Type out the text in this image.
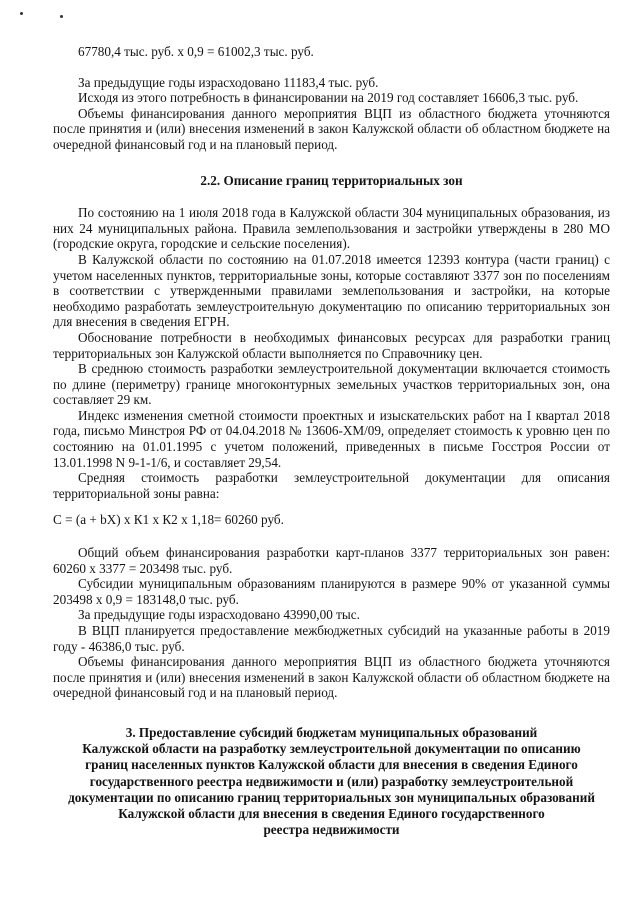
67780,4 тыс. руб. х 0,9 = 61002,3 тыс. руб.

За предыдущие годы израсходовано 11183,4 тыс. руб.

Исходя из этого потребность в финансировании на 2019 год составляет 16606,3 тыс. руб.

Объемы финансирования данного мероприятия ВЦП из областного бюджета уточняются после принятия и (или) внесения изменений в закон Калужской области об областном бюджете на очередной финансовый год и на плановый период.

2.2. Описание границ территориальных зон

По состоянию на 1 июля 2018 года в Калужской области 304 муниципальных образования, из них 24 муниципальных района. Правила землепользования и застройки утверждены в 280 МО (городские округа, городские и сельские поселения).

В Калужской области по состоянию на 01.07.2018 имеется 12393 контура (части границ) с учетом населенных пунктов, территориальные зоны, которые составляют 3377 зон по поселениям в соответствии с утвержденными правилами землепользования и застройки, на которые необходимо разработать землеустроительную документацию по описанию территориальных зон для внесения в сведения ЕГРН.

Обоснование потребности в необходимых финансовых ресурсах для разработки границ территориальных зон Калужской области выполняется по Справочнику цен.

В среднюю стоимость разработки землеустроительной документации включается стоимость по длине (периметру) границе многоконтурных земельных участков территориальных зон, она составляет 29 км.

Индекс изменения сметной стоимости проектных и изыскательских работ на I квартал 2018 года, письмо Минстроя РФ от 04.04.2018 № 13606-ХМ/09, определяет стоимость к уровню цен по состоянию на 01.01.1995 с учетом положений, приведенных в письме Госстроя России от 13.01.1998 N 9-1-1/6, и составляет 29,54.

Средняя стоимость разработки землеустроительной документации для описания территориальной зоны равна:

С = (а + bХ) х К1 х К2 х 1,18= 60260 руб.

Общий объем финансирования разработки карт-планов 3377 территориальных зон равен: 60260 х 3377 = 203498 тыс. руб.

Субсидии муниципальным образованиям планируются в размере 90% от указанной суммы 203498 х 0,9 = 183148,0 тыс. руб.

За предыдущие годы израсходовано 43990,00 тыс.

В ВЦП планируется предоставление межбюджетных субсидий на указанные работы в 2019 году - 46386,0 тыс. руб.

Объемы финансирования данного мероприятия ВЦП из областного бюджета уточняются после принятия и (или) внесения изменений в закон Калужской области об областном бюджете на очередной финансовый год и на плановый период.

3. Предоставление субсидий бюджетам муниципальных образований

Калужской области на разработку землеустроительной документации по описанию

границ населенных пунктов Калужской области для внесения в сведения Единого

государственного реестра недвижимости и (или) разработку землеустроительной

документации по описанию границ территориальных зон муниципальных образований

Калужской области для внесения в сведения Единого государственного

реестра недвижимости
